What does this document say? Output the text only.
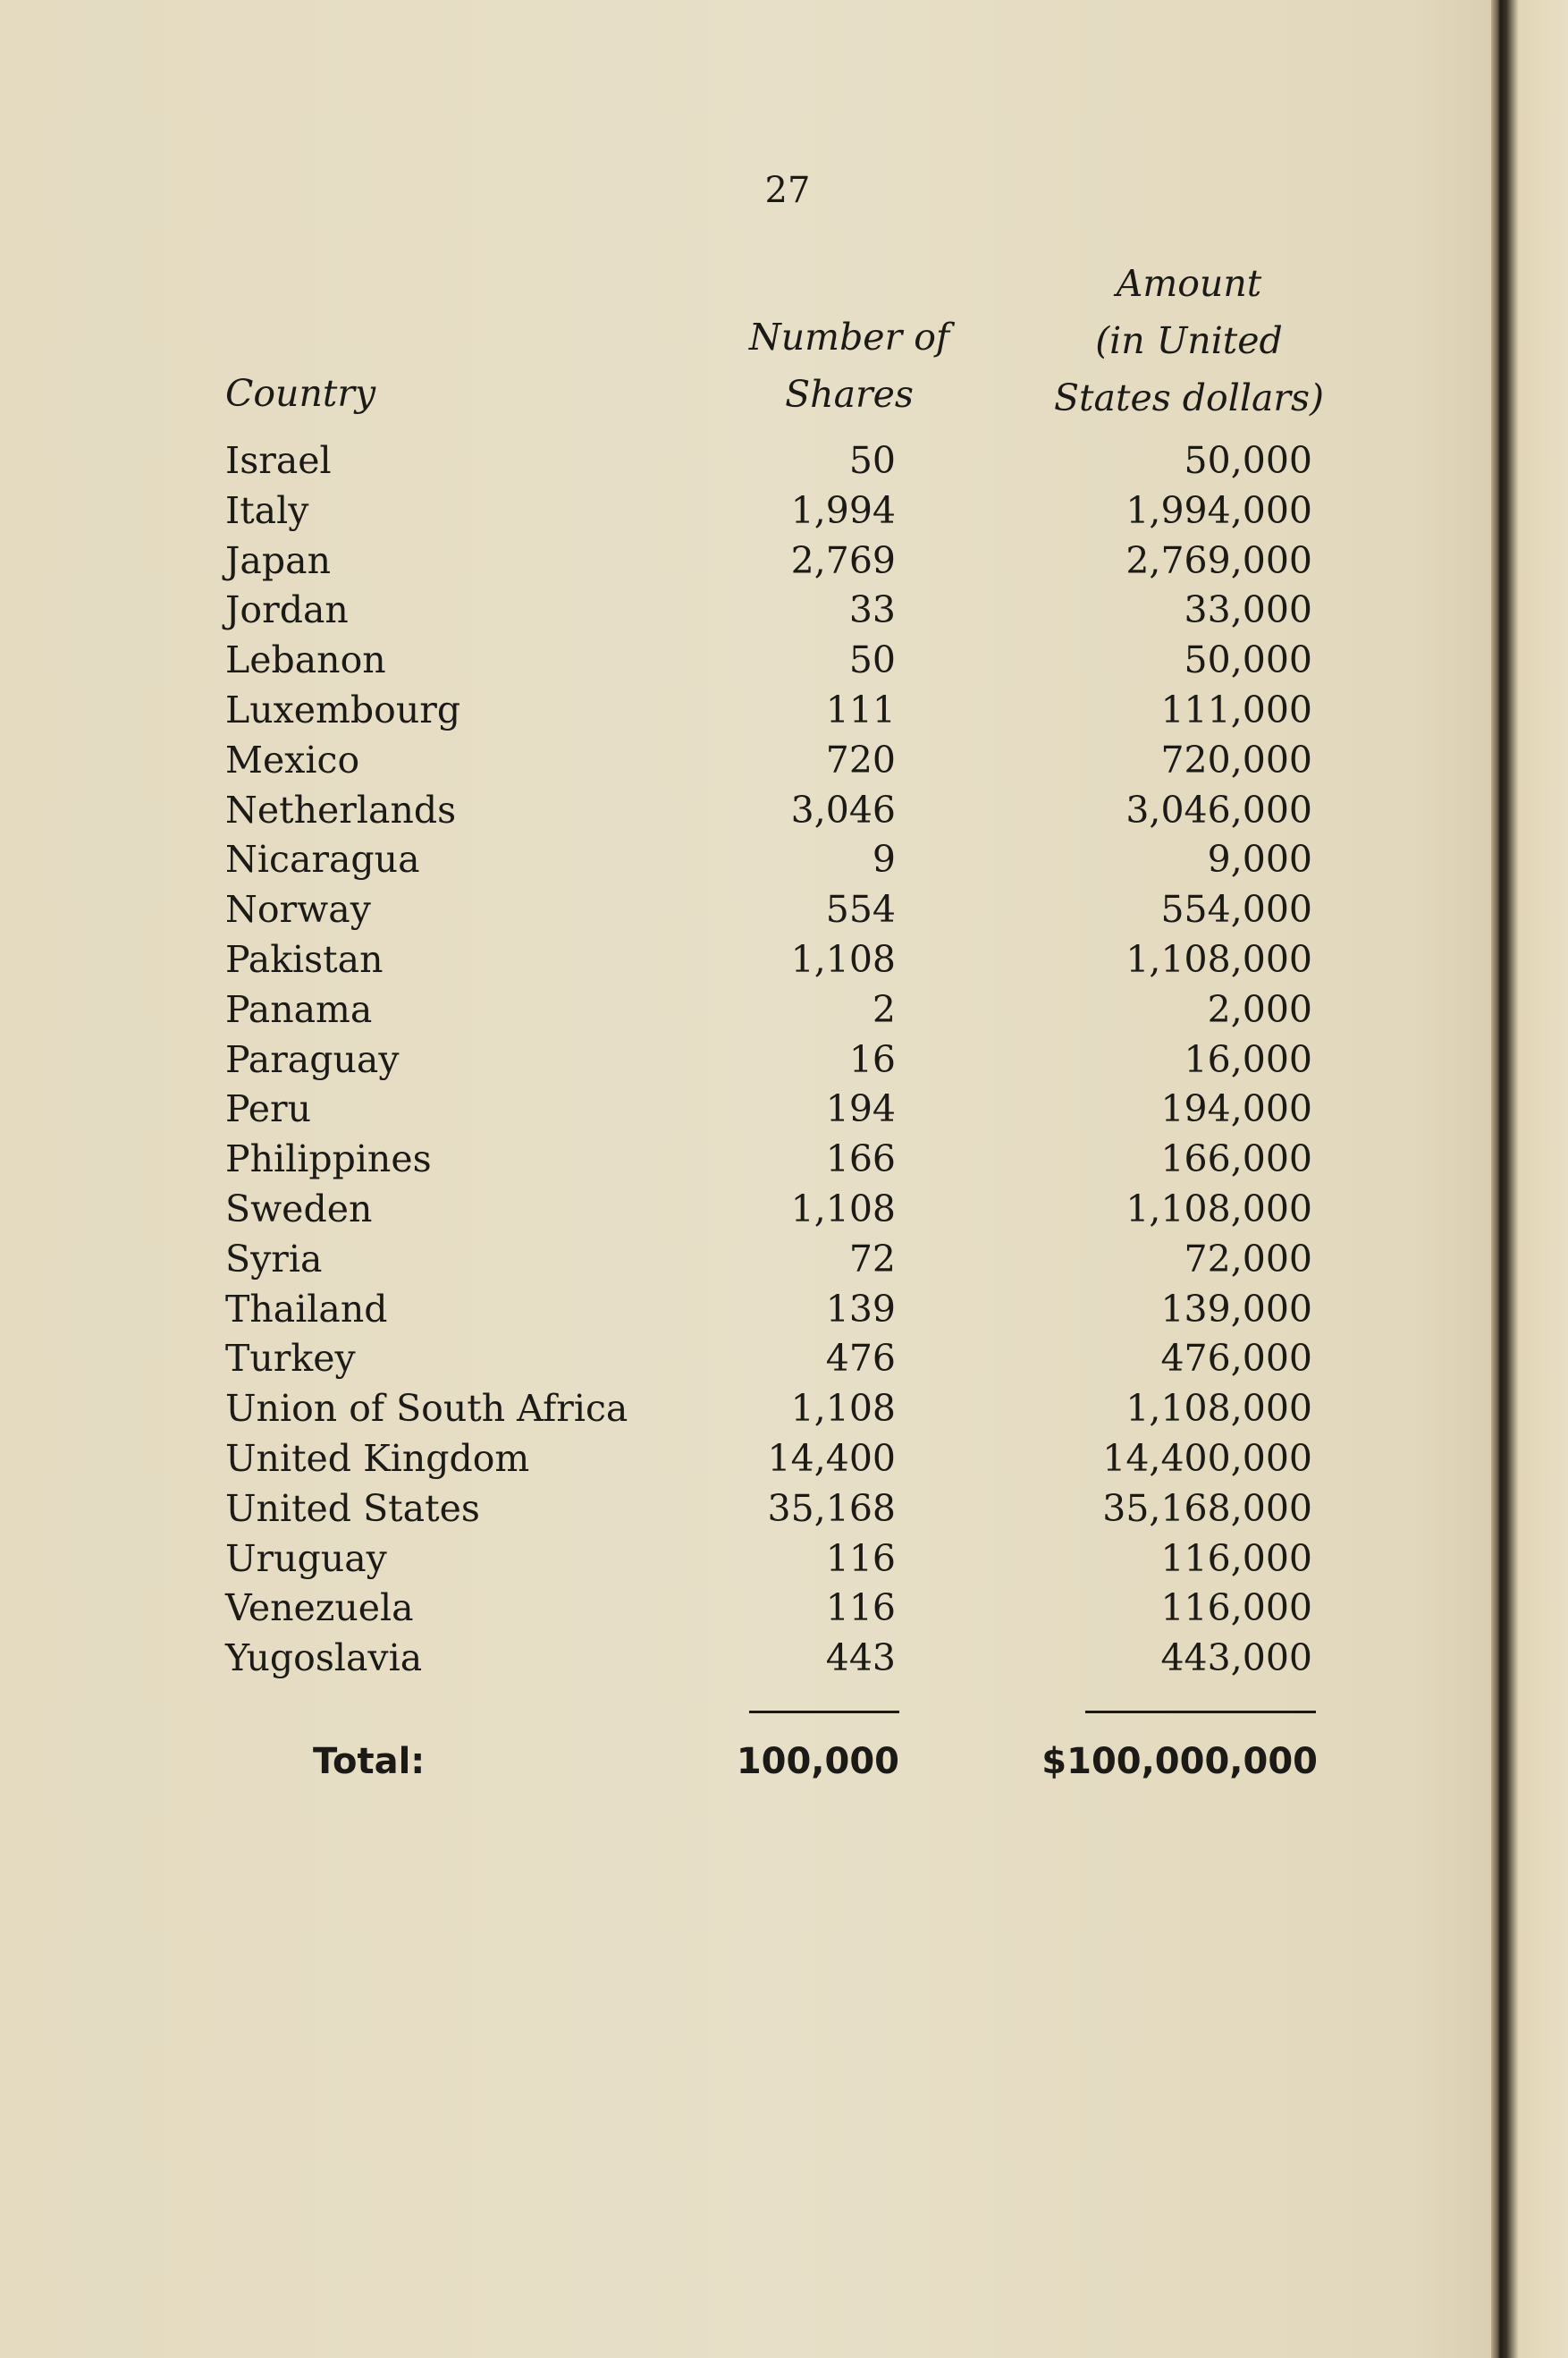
27
Country
Number of
Shares
Amount
(in United
States dollars)
Israel	50	50,000
Italy	1,994	1,994,000
Japan	2,769	2,769,000
Jordan	33	33,000
Lebanon	50	50,000
Luxembourg	111	111,000
Mexico	720	720,000
Netherlands	3,046	3,046,000
Nicaragua	9	9,000
Norway	554	554,000
Pakistan	1,108	1,108,000
Panama	2	2,000
Paraguay	16	16,000
Peru	194	194,000
Philippines	166	166,000
Sweden	1,108	1,108,000
Syria	72	72,000
Thailand	139	139,000
Turkey	476	476,000
Union of South Africa	1,108	1,108,000
United Kingdom	14,400	14,400,000
United States	35,168	35,168,000
Uruguay	116	116,000
Venezuela	116	116,000
Yugoslavia	443	443,000
Total:	100,000	$100,000,000
